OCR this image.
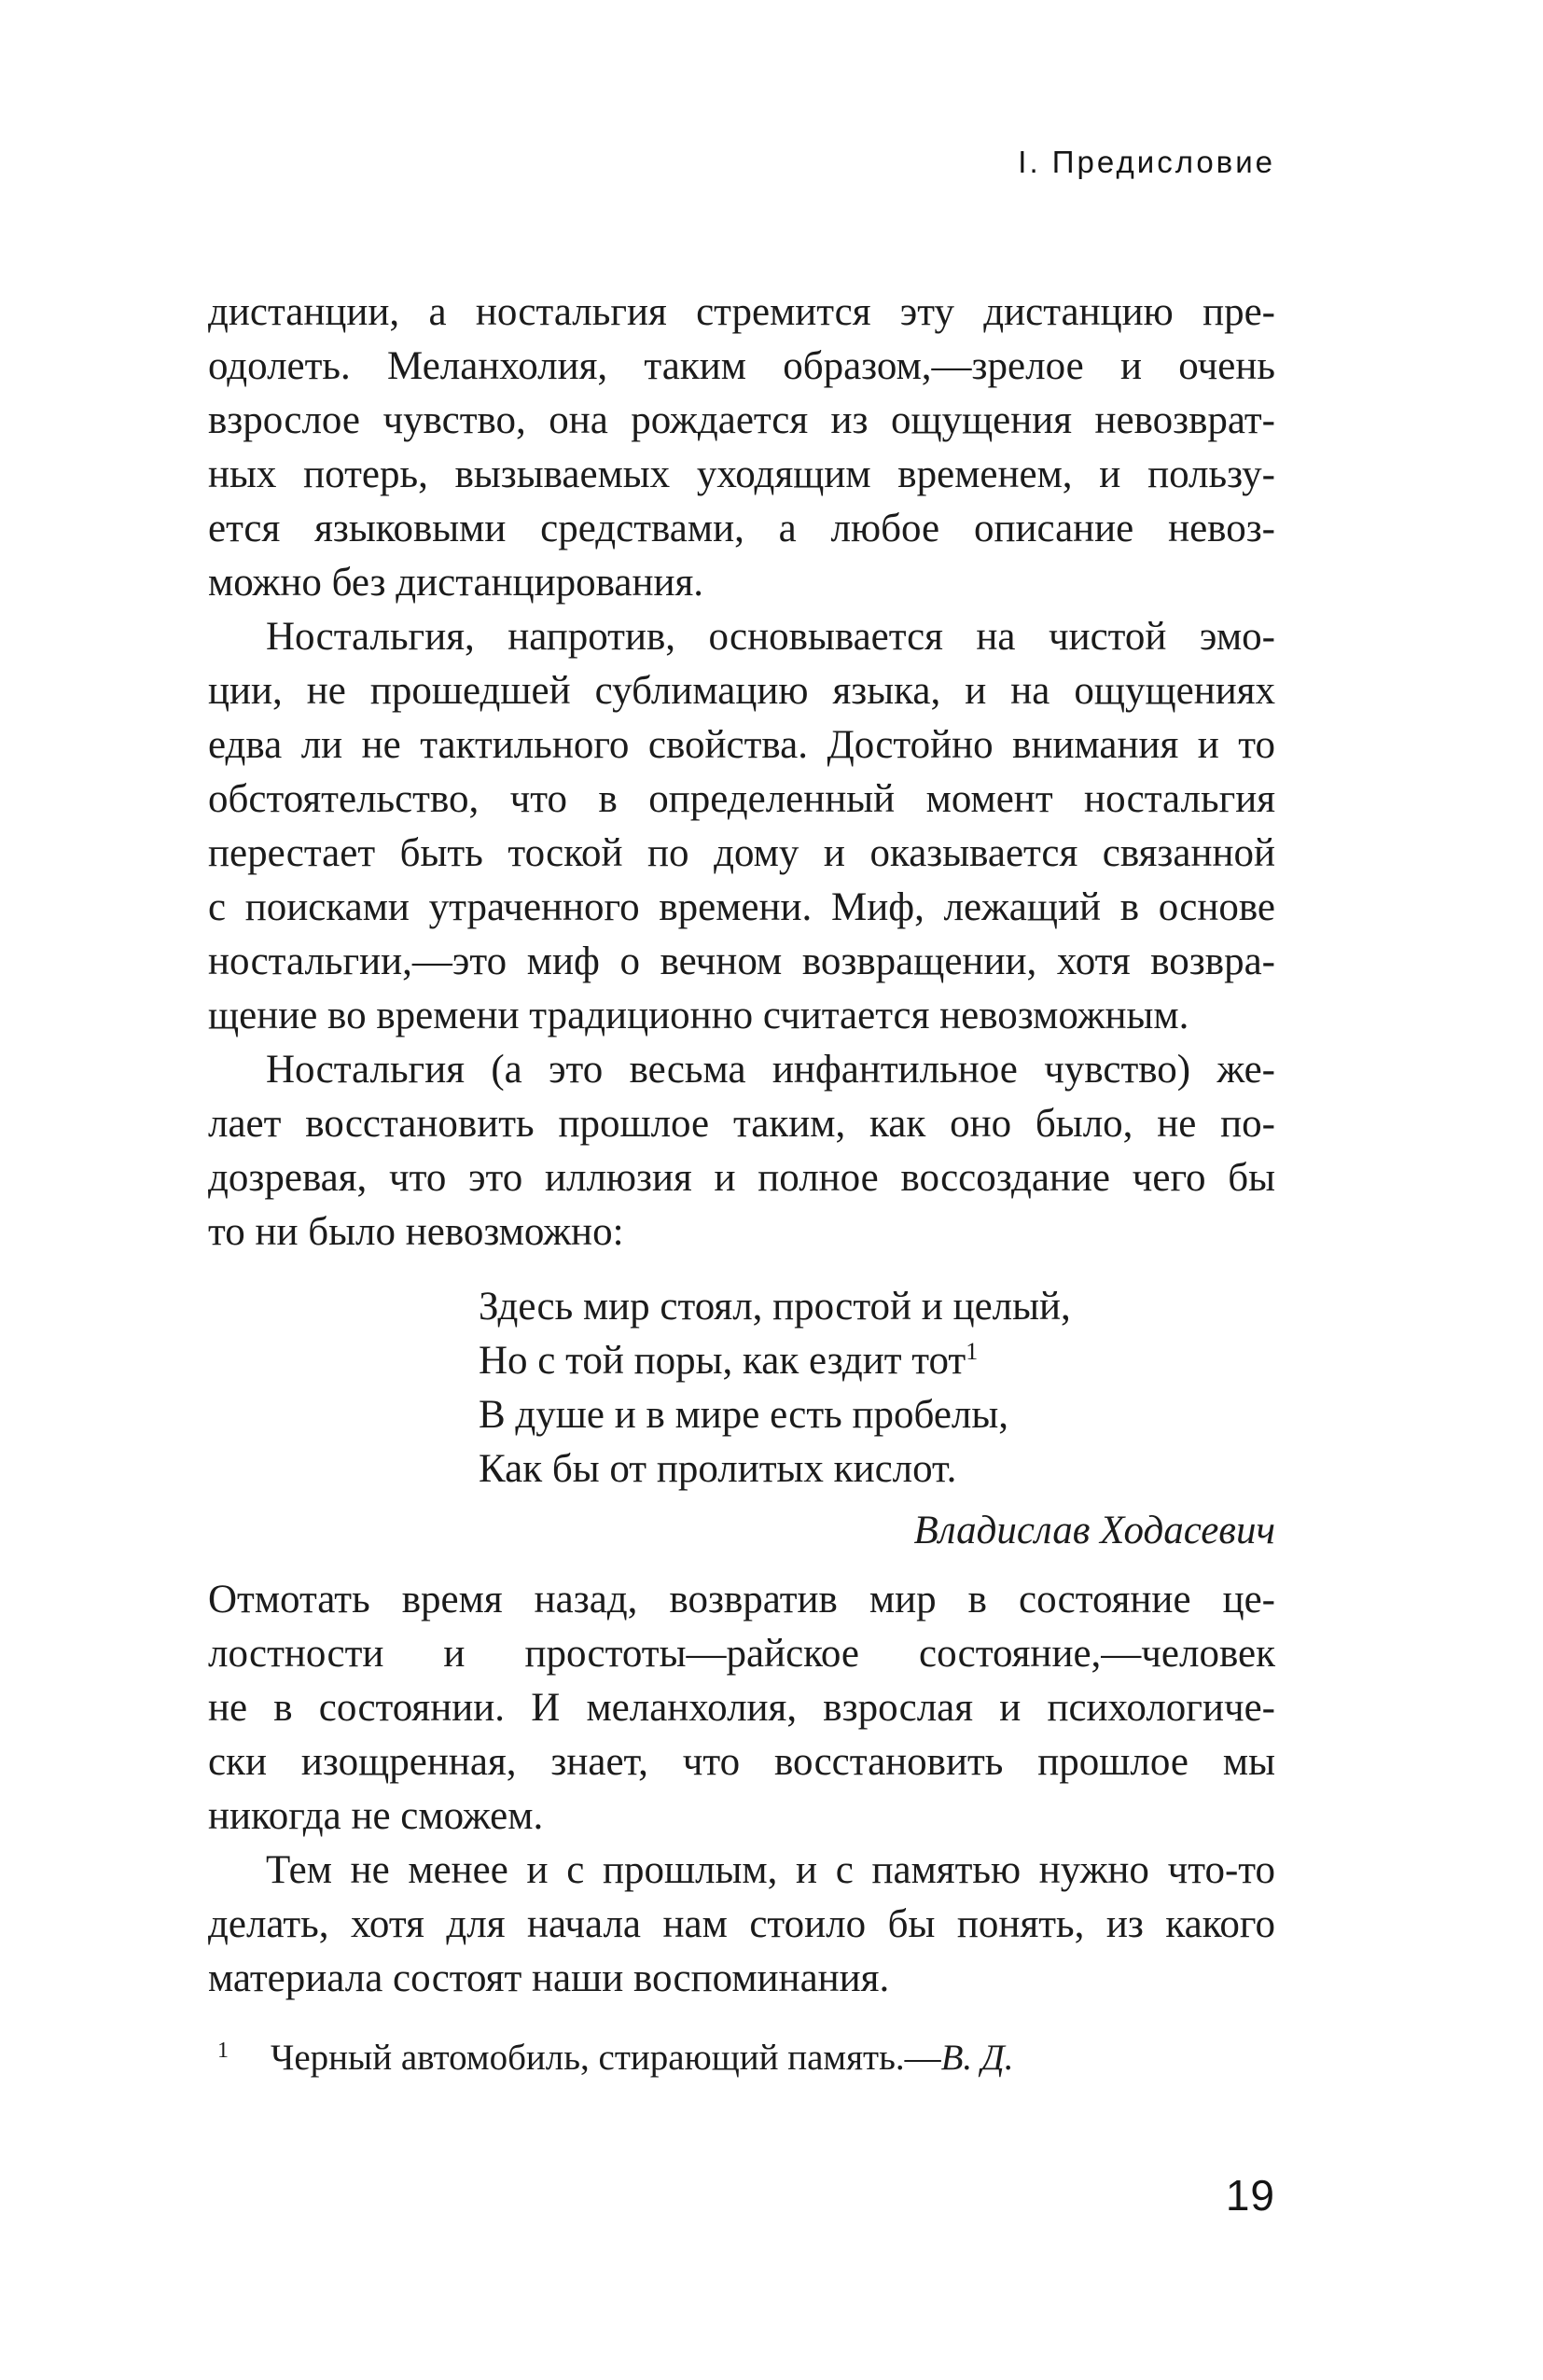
I. Предисловие
дистанции, а ностальгия стремится эту дистанцию пре-
одолеть. Меланхолия, таким образом,—зрелое и очень
взрослое чувство, она рождается из ощущения невозврат-
ных потерь, вызываемых уходящим временем, и пользу-
ется языковыми средствами, а любое описание невоз-
можно без дистанцирования.
Ностальгия, напротив, основывается на чистой эмо-
ции, не прошедшей сублимацию языка, и на ощущениях
едва ли не тактильного свойства. Достойно внимания и то
обстоятельство, что в определенный момент ностальгия
перестает быть тоской по дому и оказывается связанной
с поисками утраченного времени. Миф, лежащий в основе
ностальгии,—это миф о вечном возвращении, хотя возвра-
щение во времени традиционно считается невозможным.
Ностальгия (а это весьма инфантильное чувство) же-
лает восстановить прошлое таким, как оно было, не по-
дозревая, что это иллюзия и полное воссоздание чего бы
то ни было невозможно:
Здесь мир стоял, простой и целый,
Но с той поры, как ездит тот$^1$
В душе и в мире есть пробелы,
Как бы от пролитых кислот.
Владислав Ходасевич
Отмотать время назад, возвратив мир в состояние це-
лостности и простоты—райское состояние,—человек
не в состоянии. И меланхолия, взрослая и психологиче-
ски изощренная, знает, что восстановить прошлое мы
никогда не сможем.
Тем не менее и с прошлым, и с памятью нужно что-то
делать, хотя для начала нам стоило бы понять, из какого
материала состоят наши воспоминания.
$^1$ Черный автомобиль, стирающий память.—В. Д.
19
